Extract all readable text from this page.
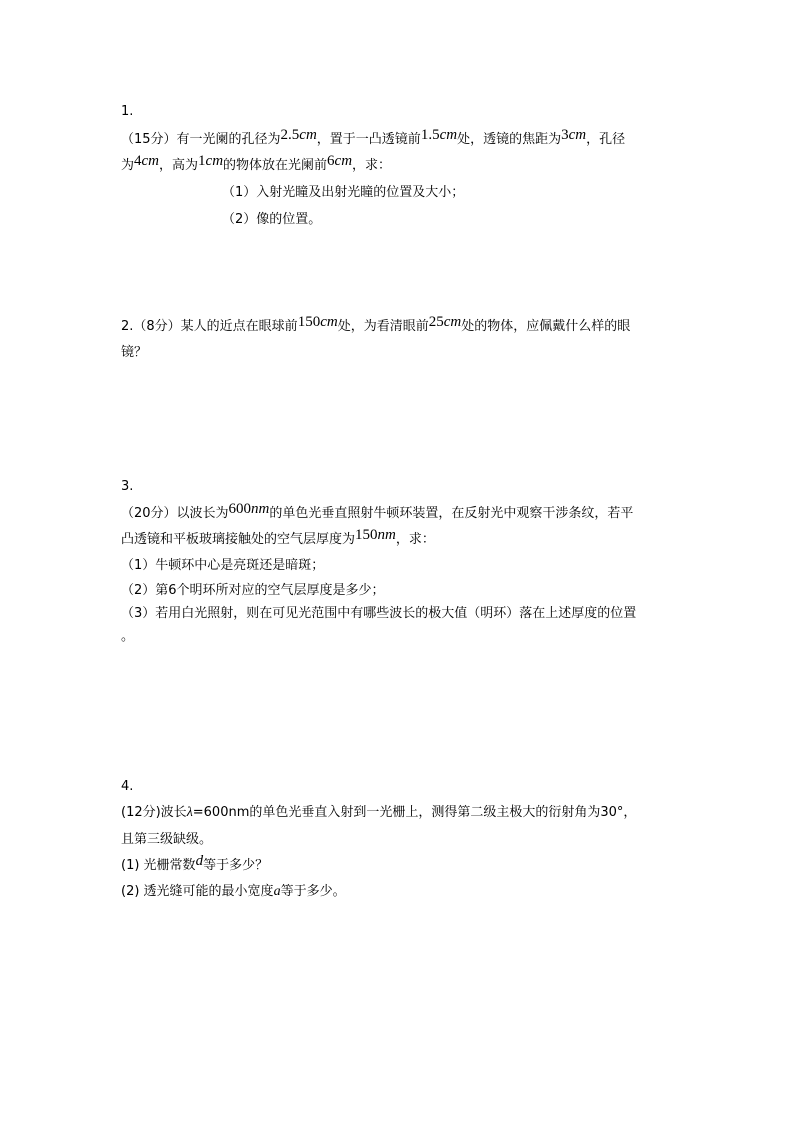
1.
（15分）有一光阑的孔径为2.5cm，置于一凸透镜前1.5cm处，透镜的焦距为3cm，孔径
为4cm，高为1cm的物体放在光阑前6cm，求：
（1）入射光瞳及出射光瞳的位置及大小；
（2）像的位置。
2.（8分）某人的近点在眼球前150cm处，为看清眼前25cm处的物体，应佩戴什么样的眼
镜？
3.
（20分）以波长为600nm的单色光垂直照射牛顿环装置，在反射光中观察干涉条纹，若平
凸透镜和平板玻璃接触处的空气层厚度为150nm，求：
（1）牛顿环中心是亮斑还是暗斑；
（2）第6个明环所对应的空气层厚度是多少；
（3）若用白光照射，则在可见光范围中有哪些波长的极大值（明环）落在上述厚度的位置
。
4.
(12分)波长λ=600nm的单色光垂直入射到一光栅上，测得第二级主极大的衍射角为30°，
且第三级缺级。
(1) 光栅常数d等于多少？
(2) 透光缝可能的最小宽度a等于多少。
